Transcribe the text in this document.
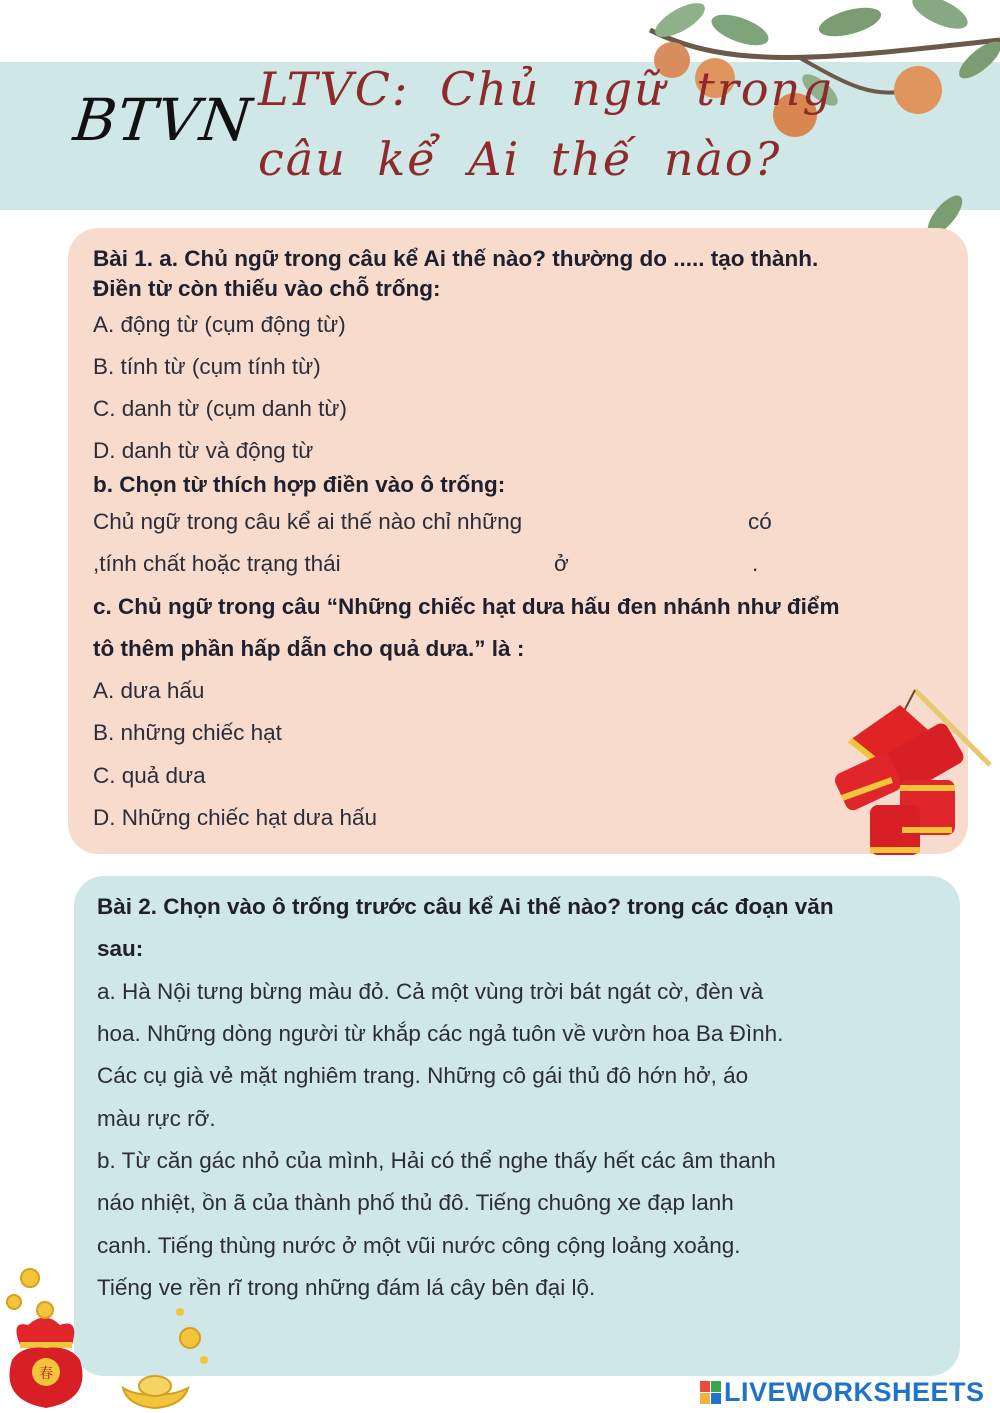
BTVN LTVC: Chủ ngữ trong
câu kể Ai thế nào?
Bài 1. a. Chủ ngữ trong câu kể Ai thế nào? thường do ..... tạo thành.
Điền từ còn thiếu vào chỗ trống:
A. động từ (cụm động từ)
B. tính từ (cụm tính từ)
C. danh từ (cụm danh từ)
D. danh từ và động từ
b. Chọn từ thích hợp điền vào ô trống:
Chủ ngữ trong câu kể ai thế nào chỉ những	có
,tính chất hoặc trạng thái	ở	.
c. Chủ ngữ trong câu “Những chiếc hạt dưa hấu đen nhánh như điểm
tô thêm phần hấp dẫn cho quả dưa.” là :
A. dưa hấu
B. những chiếc hạt
C. quả dưa
D. Những chiếc hạt dưa hấu
Bài 2. Chọn vào ô trống trước câu kể Ai thế nào? trong các đoạn văn
sau:
a. Hà Nội tưng bừng màu đỏ. Cả một vùng trời bát ngát cờ, đèn và
hoa. Những dòng người từ khắp các ngả tuôn về vườn hoa Ba Đình.
Các cụ già vẻ mặt nghiêm trang. Những cô gái thủ đô hớn hở, áo
màu rực rỡ.
b. Từ căn gác nhỏ của mình, Hải có thể nghe thấy hết các âm thanh
náo nhiệt, ồn ã của thành phố thủ đô. Tiếng chuông xe đạp lanh
canh. Tiếng thùng nước ở một vũi nước công cộng loảng xoảng.
Tiếng ve rền rĩ trong những đám lá cây bên đại lộ.
春
LIVEWORKSHEETS
